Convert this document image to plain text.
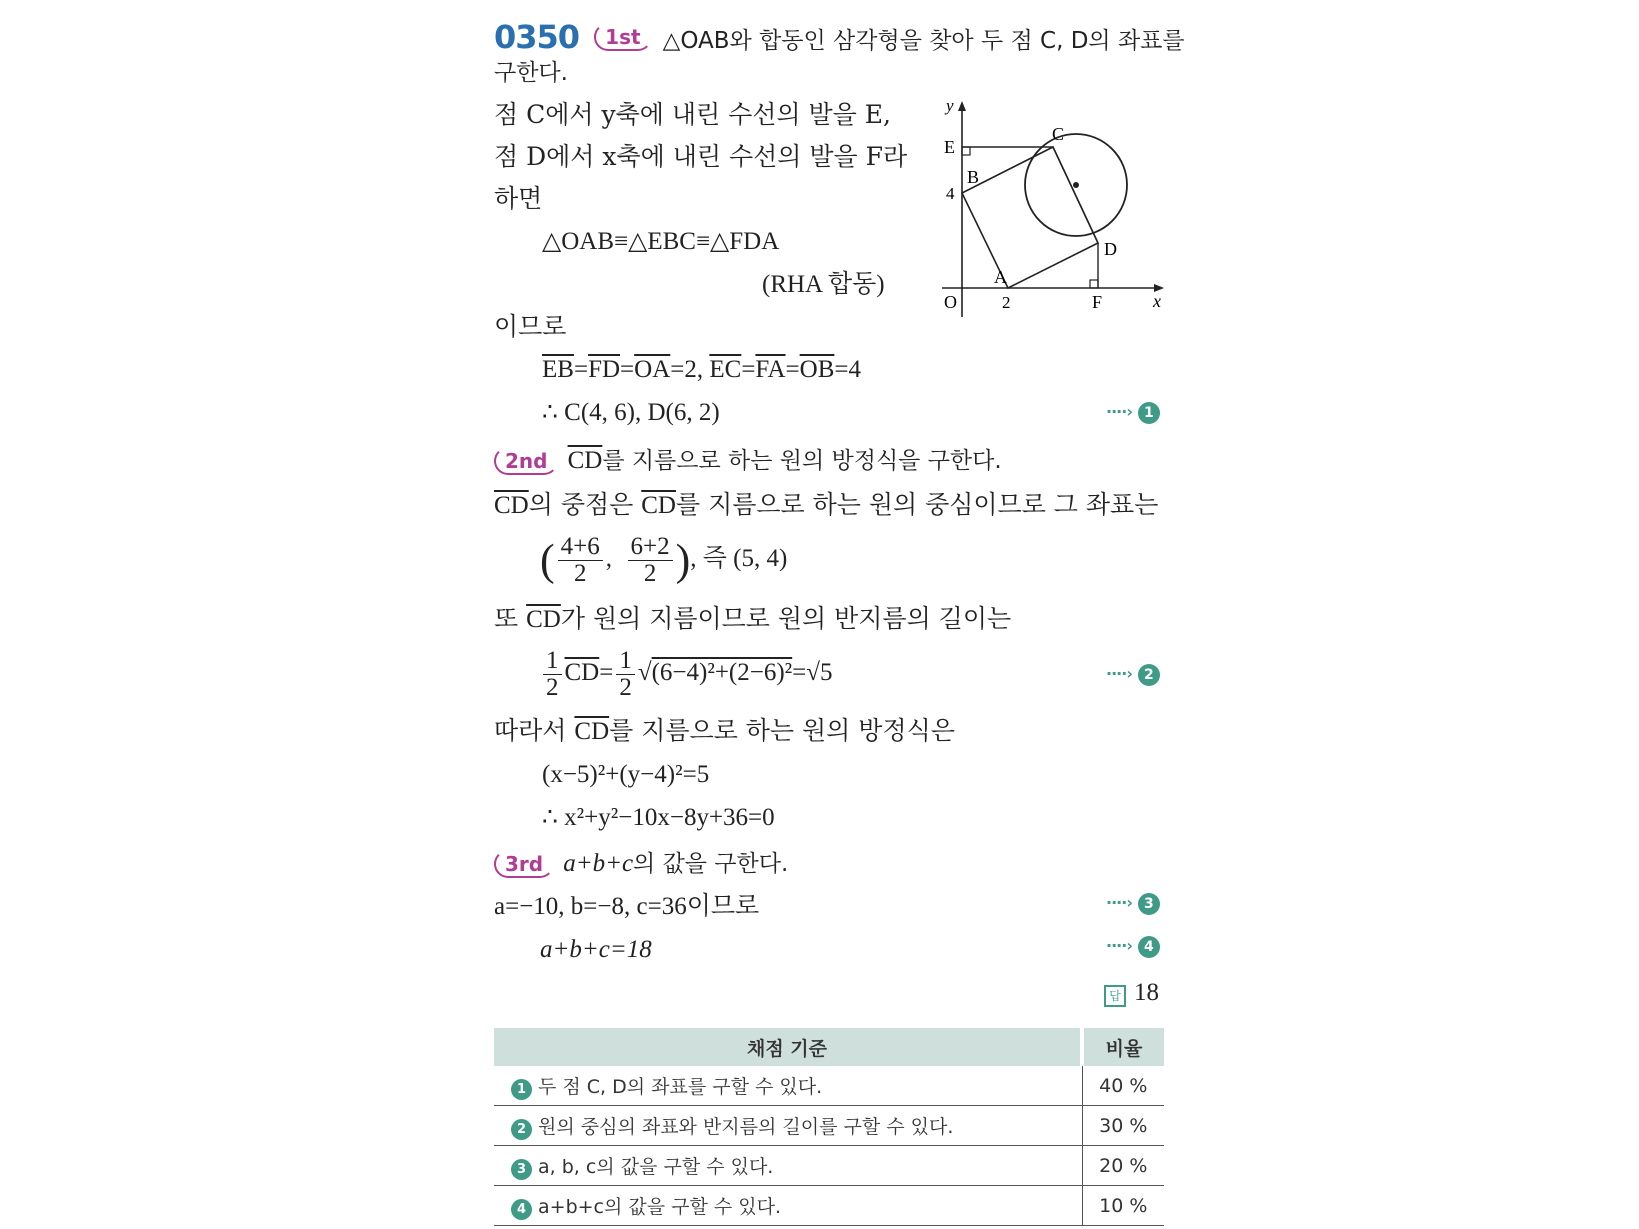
0350 1st △OAB와 합동인 삼각형을 찾아 두 점 C, D의 좌표를
구한다.
점 C에서 y축에 내린 수선의 발을 E,
점 D에서 x축에 내린 수선의 발을 F라
하면
△OAB≡△EBC≡△FDA
(RHA 합동)
이므로
$\overline{EB}=\overline{FD}=\overline{OA}=2$, $\overline{EC}=\overline{FA}=\overline{OB}=4$
∴ C(4, 6), D(6, 2)	····› 1
y
x
O
A
B
C
D
E
F
4
2
2nd $\overline{CD}$를 지름으로 하는 원의 방정식을 구한다.
$\overline{CD}$의 중점은 $\overline{CD}$를 지름으로 하는 원의 중심이므로 그 좌표는
( $\frac{4+6}{2}$ , $\frac{6+2}{2}$ ), 즉 (5, 4)
또 $\overline{CD}$가 원의 지름이므로 원의 반지름의 길이는
$\frac{1}{2} \overline{CD}= \frac{1}{2} √(6-4)^2+(2-6)^2=√5$	····› 2
따라서 $\overline{CD}$를 지름으로 하는 원의 방정식은
(x−5)²+(y−4)²=5
∴ x²+y²−10x−8y+36=0
3rd a+b+c의 값을 구한다.
a=−10, b=−8, c=36이므로	····› 3
a+b+c=18	····› 4
답 18
채점 기준	비율
1 두 점 C, D의 좌표를 구할 수 있다.	40 %
2 원의 중심의 좌표와 반지름의 길이를 구할 수 있다.	30 %
3 a, b, c의 값을 구할 수 있다.	20 %
4 a+b+c의 값을 구할 수 있다.	10 %
